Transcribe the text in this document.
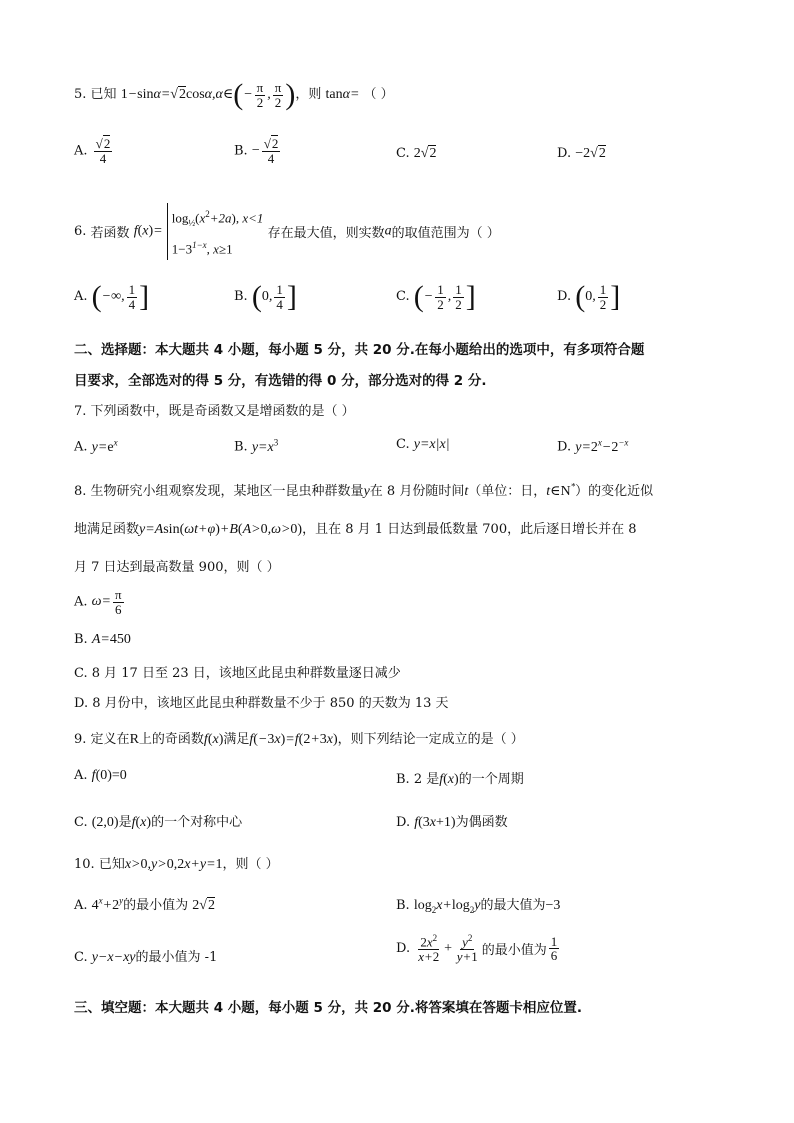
5. 已知 1−sinα=√2cosα,α∈(− $\frac{\pi}{2}$ , $\frac{\pi}{2}$ )，则 tanα= （ ）
A. $\frac{√2}{4}$	B. − $\frac{√2}{4}$	C. 2√2	D. −2√2
6. 若函数 f(x)=
$\log_{\frac{1}{2}}(x^2+2a)$, x<1
$1-3^{1-x}$, x≥1
存在最大值，则实数a的取值范围为（ ）
A. (−∞, $\frac{1}{4}$ ]	B. (0, $\frac{1}{4}$ ]	C. (− $\frac{1}{2}$ , $\frac{1}{2}$ ]	D. (0, $\frac{1}{2}$ ]
二、选择题：本大题共 4 小题，每小题 5 分，共 20 分.在每小题给出的选项中，有多项符合题
目要求，全部选对的得 5 分，有选错的得 0 分，部分选对的得 2 分.
7. 下列函数中，既是奇函数又是增函数的是（ ）
A. $y=e^x$	B. $y=x^3$	C. y=x|x|	D. $y=2^x-2^{-x}$
8. 生物研究小组观察发现，某地区一昆虫种群数量y在 8 月份随时间t（单位：日，t∈N*）的变化近似
地满足函数y=Asin(ωt+φ)+B(A>0,ω>0)，且在 8 月 1 日达到最低数量 700，此后逐日增长并在 8
月 7 日达到最高数量 900，则（ ）
A. $\omega= \frac{\pi}{6}$
B. A=450
C. 8 月 17 日至 23 日，该地区此昆虫种群数量逐日减少
D. 8 月份中，该地区此昆虫种群数量不少于 850 的天数为 13 天
9. 定义在R上的奇函数f(x)满足f(−3x)=f(2+3x)，则下列结论一定成立的是（ ）
A. f(0)=0	B. 2 是f(x)的一个周期
C. (2,0)是f(x)的一个对称中心	D. f(3x+1)为偶函数
10. 已知x>0,y>0,2x+y=1，则（ ）
A. $4^x+2^y$的最小值为 2√2	B. $\log_2x+\log_2y$的最大值为−3
C. y−x−xy的最小值为 -1
D. $\frac{2x^2}{x+2} + \frac{y^2}{y+1}$ 的最小值为 $\frac{1}{6}$
三、填空题：本大题共 4 小题，每小题 5 分，共 20 分.将答案填在答题卡相应位置.
